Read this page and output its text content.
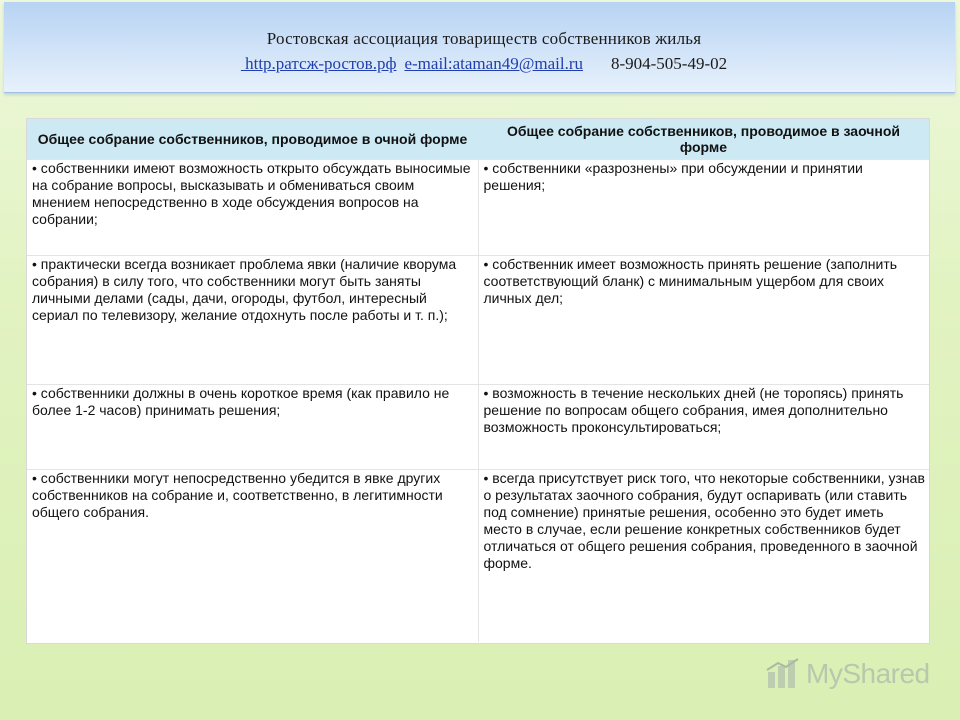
Ростовская ассоциация товариществ собственников жилья
http.ратсж-ростов.рф e-mail:ataman49@mail.ru 8-904-505-49-02
Общее собрание собственников, проводимое в очной форме	Общее собрание собственников, проводимое в заочной форме
• собственники имеют возможность открыто обсуждать выносимые на собрание вопросы, высказывать и обмениваться своим мнением непосредственно в ходе обсуждения вопросов на собрании;	• собственники «разрознены» при обсуждении и принятии решения;
• практически всегда возникает проблема явки (наличие кворума собрания) в силу того, что собственники могут быть заняты личными делами (сады, дачи, огороды, футбол, интересный сериал по телевизору, желание отдохнуть после работы и т. п.);	• собственник имеет возможность принять решение (заполнить соответствующий бланк) с минимальным ущербом для своих личных дел;
• собственники должны в очень короткое время (как правило не более 1-2 часов) принимать решения;	• возможность в течение нескольких дней (не торопясь) принять решение по вопросам общего собрания, имея дополнительно возможность проконсультироваться;
• собственники могут непосредственно убедится в явке других собственников на собрание и, соответственно, в легитимности общего собрания.	• всегда присутствует риск того, что некоторые собственники, узнав о результатах заочного собрания, будут оспаривать (или ставить под сомнение) принятые решения, особенно это будет иметь место в случае, если решение конкретных собственников будет отличаться от общего решения собрания, проведенного в заочной форме.
MyShared
